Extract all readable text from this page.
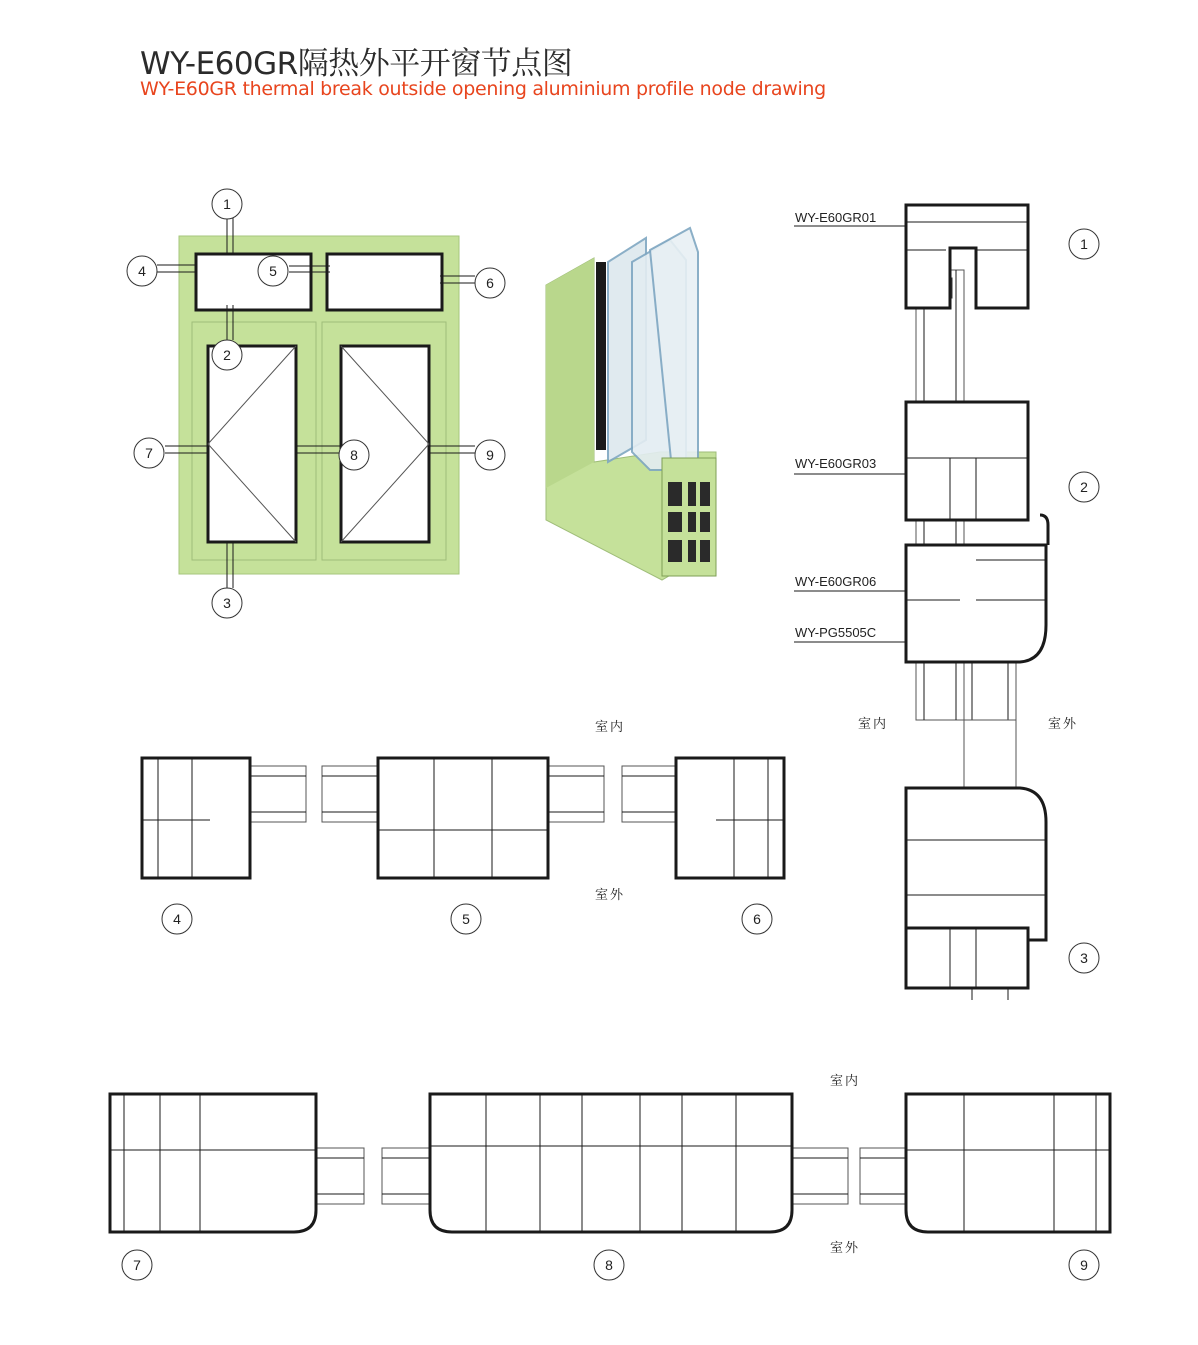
WY-E60GR隔热外平开窗节点图
WY-E60GR thermal break outside opening aluminium profile node drawing
1
4	5
6
2
7	8	9
3
WY-E60GR01
WY-E60GR03
WY-E60GR06
WY-PG5505C
室内	室外
1
2
3
室内
室外
4	5	6
室内
室外
7	8	9
